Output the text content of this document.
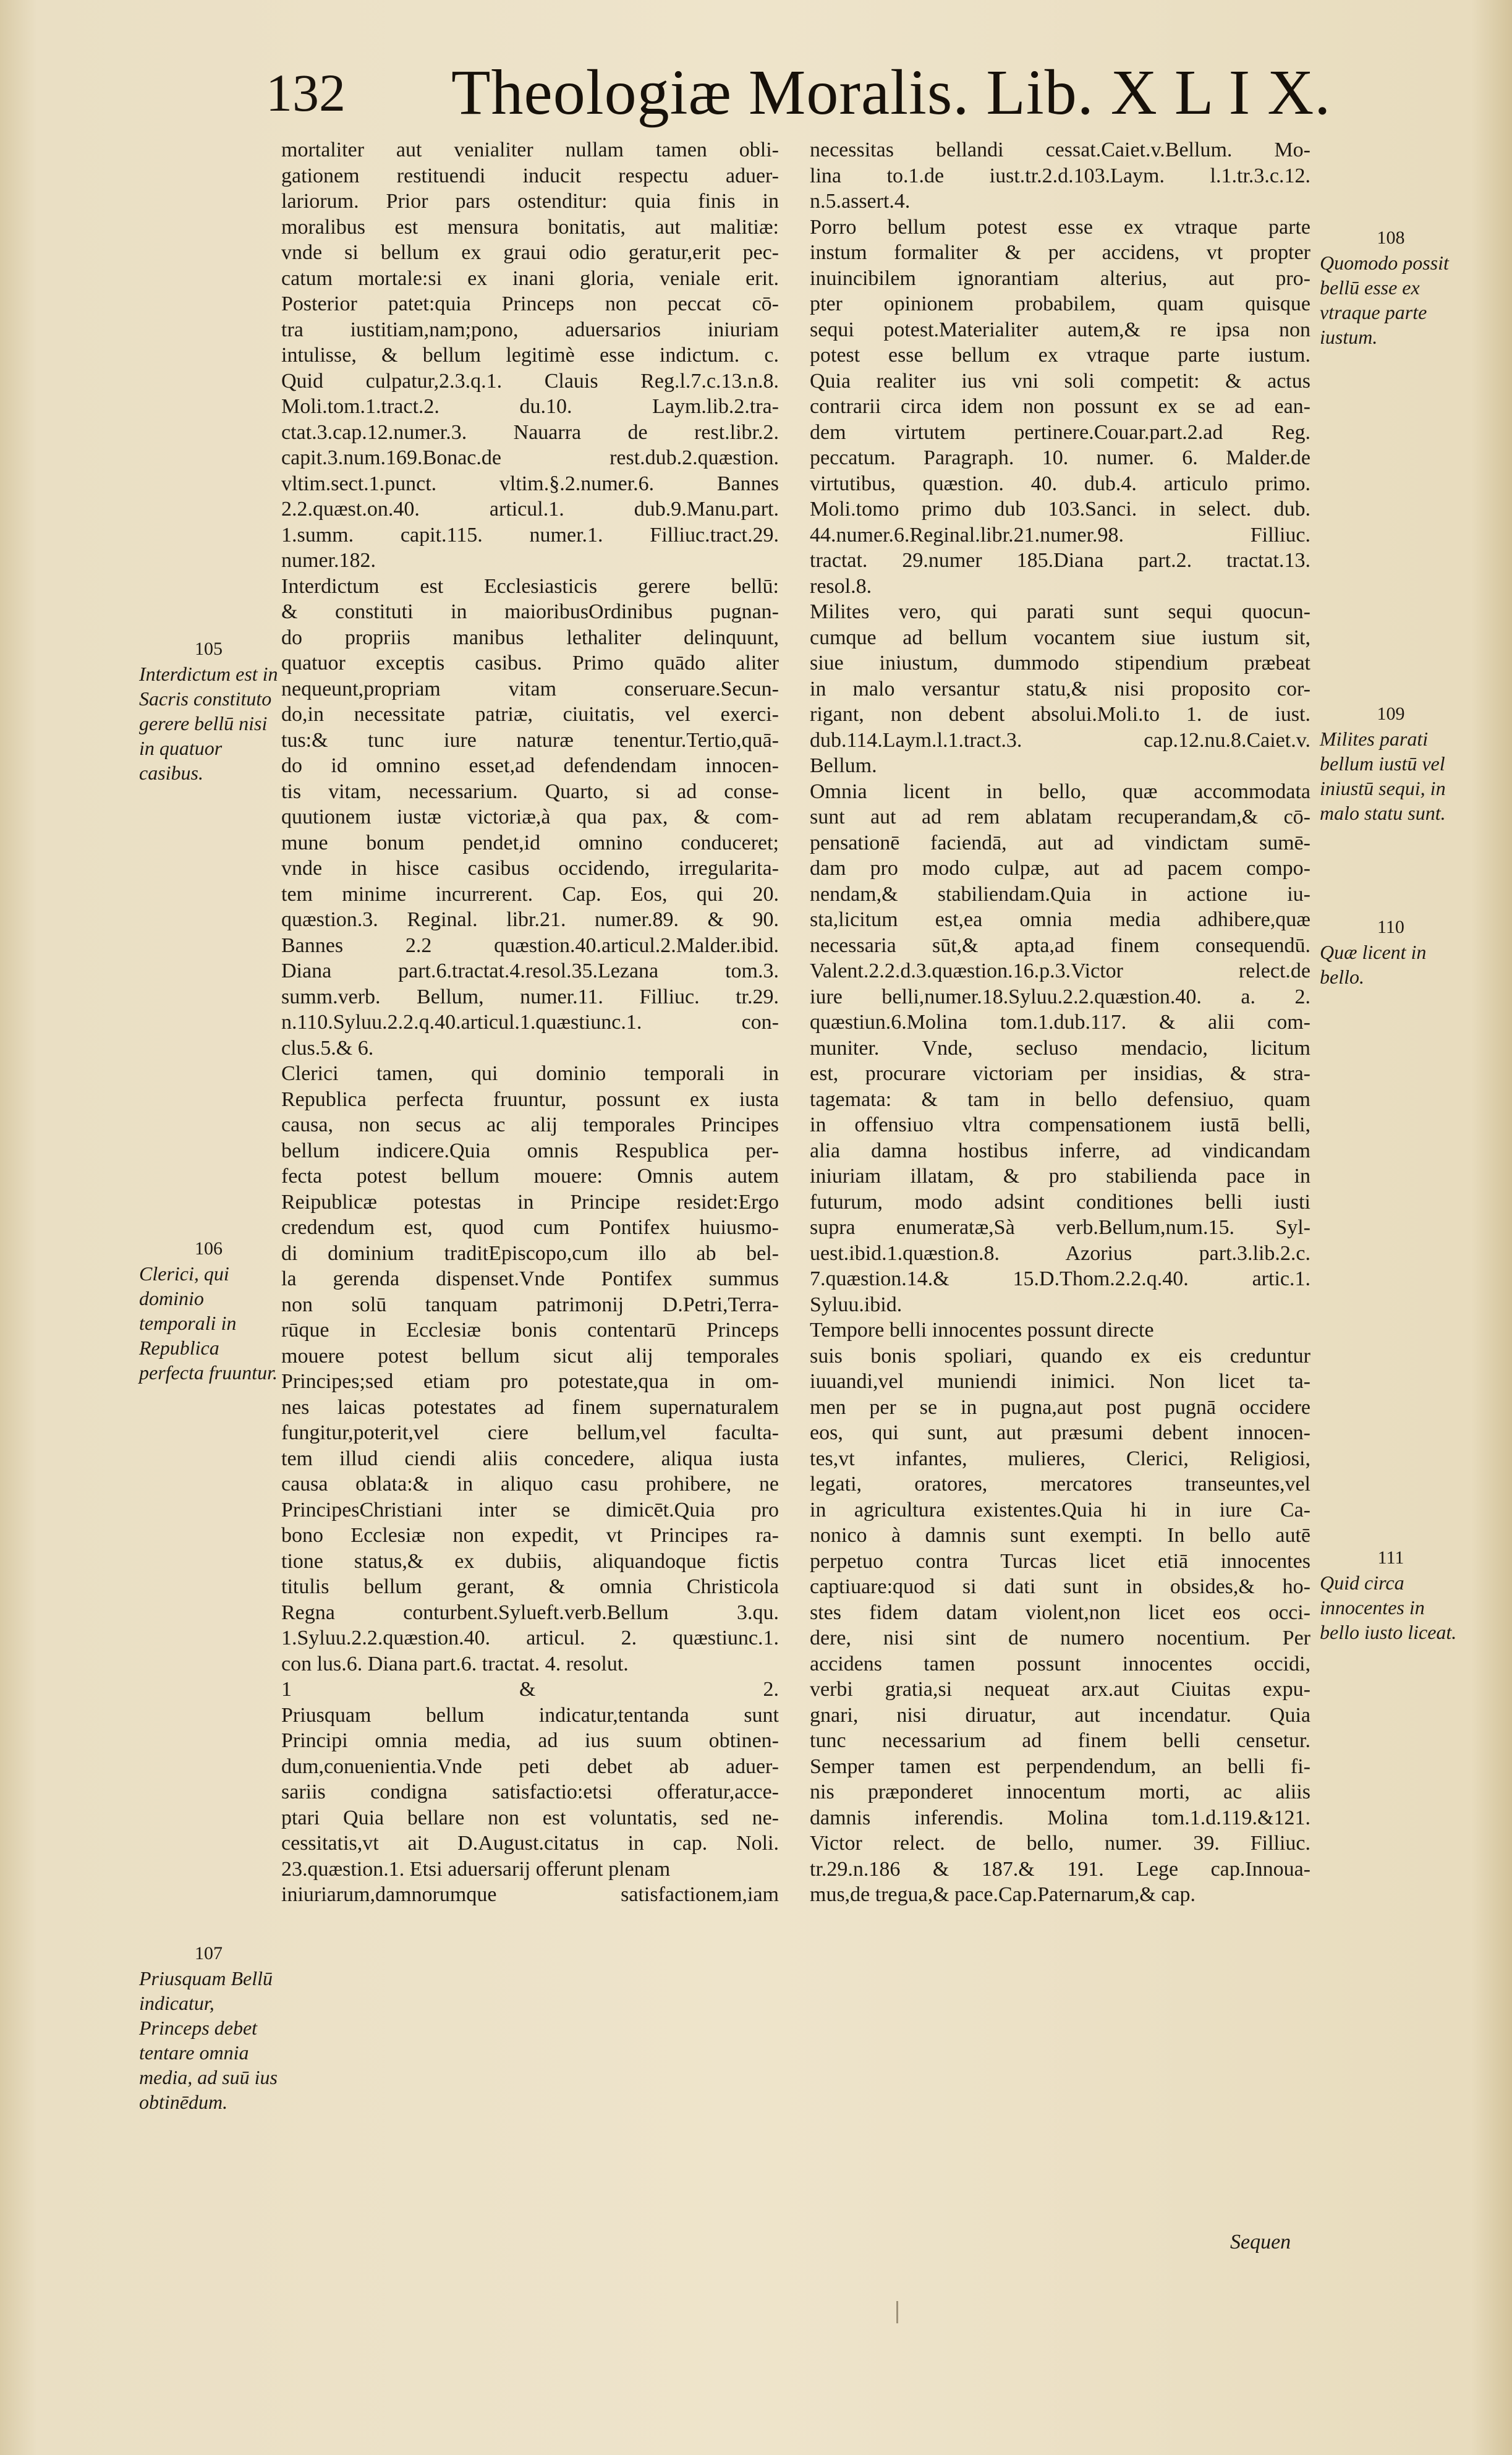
132 Theologiæ Moralis. Lib. X L I X.
mortaliter aut venialiter nullam tamen obli-
gationem restituendi inducit respectu aduer-
lariorum. Prior pars ostenditur: quia finis in
moralibus est mensura bonitatis, aut malitiæ:
vnde si bellum ex graui odio geratur,erit pec-
catum mortale:si ex inani gloria, veniale erit.
Posterior patet:quia Princeps non peccat cō-
tra iustitiam,nam;pono, aduersarios iniuriam
intulisse, & bellum legitimè esse indictum. c.
Quid culpatur,2.3.q.1. Clauis Reg.l.7.c.13.n.8.
Moli.tom.1.tract.2. du.10. Laym.lib.2.tra-
ctat.3.cap.12.numer.3. Nauarra de rest.libr.2.
capit.3.num.169.Bonac.de rest.dub.2.quæstion.
vltim.sect.1.punct. vltim.§.2.numer.6. Bannes
2.2.quæst.on.40. articul.1. dub.9.Manu.part.
1.summ. capit.115. numer.1. Filliuc.tract.29.
numer.182.
Interdictum est Ecclesiasticis gerere bellū:
& constituti in maioribusOrdinibus pugnan-
do propriis manibus lethaliter delinquunt,
quatuor exceptis casibus. Primo quādo aliter
nequeunt,propriam vitam conseruare.Secun-
do,in necessitate patriæ, ciuitatis, vel exerci-
tus:& tunc iure naturæ tenentur.Tertio,quā-
do id omnino esset,ad defendendam innocen-
tis vitam, necessarium. Quarto, si ad conse-
quutionem iustæ victoriæ,à qua pax, & com-
mune bonum pendet,id omnino conduceret;
vnde in hisce casibus occidendo, irregularita-
tem minime incurrerent. Cap. Eos, qui 20.
quæstion.3. Reginal. libr.21. numer.89. & 90.
Bannes 2.2 quæstion.40.articul.2.Malder.ibid.
Diana part.6.tractat.4.resol.35.Lezana tom.3.
summ.verb. Bellum, numer.11. Filliuc. tr.29.
n.110.Syluu.2.2.q.40.articul.1.quæstiunc.1. con-
clus.5.& 6.
Clerici tamen, qui dominio temporali in
Republica perfecta fruuntur, possunt ex iusta
causa, non secus ac alij temporales Principes
bellum indicere.Quia omnis Respublica per-
fecta potest bellum mouere: Omnis autem
Reipublicæ potestas in Principe residet:Ergo
credendum est, quod cum Pontifex huiusmo-
di dominium traditEpiscopo,cum illo ab bel-
la gerenda dispenset.Vnde Pontifex summus
non solū tanquam patrimonij D.Petri,Terra-
rūque in Ecclesiæ bonis contentarū Princeps
mouere potest bellum sicut alij temporales
Principes;sed etiam pro potestate,qua in om-
nes laicas potestates ad finem supernaturalem
fungitur,poterit,vel ciere bellum,vel faculta-
tem illud ciendi aliis concedere, aliqua iusta
causa oblata:& in aliquo casu prohibere, ne
PrincipesChristiani inter se dimicēt.Quia pro
bono Ecclesiæ non expedit, vt Principes ra-
tione status,& ex dubiis, aliquandoque fictis
titulis bellum gerant, & omnia Christicola
Regna conturbent.Sylueft.verb.Bellum 3.qu.
1.Syluu.2.2.quæstion.40. articul. 2. quæstiunc.1.
con lus.6. Diana part.6. tractat. 4. resolut.
1 & 2.
Priusquam bellum indicatur,tentanda sunt
Principi omnia media, ad ius suum obtinen-
dum,conuenientia.Vnde peti debet ab aduer-
sariis condigna satisfactio:etsi offeratur,acce-
ptari Quia bellare non est voluntatis, sed ne-
cessitatis,vt ait D.August.citatus in cap. Noli.
23.quæstion.1. Etsi aduersarij offerunt plenam
iniuriarum,damnorumque satisfactionem,iam
necessitas bellandi cessat.Caiet.v.Bellum. Mo-
lina to.1.de iust.tr.2.d.103.Laym. l.1.tr.3.c.12.
n.5.assert.4.
Porro bellum potest esse ex vtraque parte
instum formaliter & per accidens, vt propter
inuincibilem ignorantiam alterius, aut pro-
pter opinionem probabilem, quam quisque
sequi potest.Materialiter autem,& re ipsa non
potest esse bellum ex vtraque parte iustum.
Quia realiter ius vni soli competit: & actus
contrarii circa idem non possunt ex se ad ean-
dem virtutem pertinere.Couar.part.2.ad Reg.
peccatum. Paragraph. 10. numer. 6. Malder.de
virtutibus, quæstion. 40. dub.4. articulo primo.
Moli.tomo primo dub 103.Sanci. in select. dub.
44.numer.6.Reginal.libr.21.numer.98. Filliuc.
tractat. 29.numer 185.Diana part.2. tractat.13.
resol.8.
Milites vero, qui parati sunt sequi quocun-
cumque ad bellum vocantem siue iustum sit,
siue iniustum, dummodo stipendium præbeat
in malo versantur statu,& nisi proposito cor-
rigant, non debent absolui.Moli.to 1. de iust.
dub.114.Laym.l.1.tract.3. cap.12.nu.8.Caiet.v.
Bellum.
Omnia licent in bello, quæ accommodata
sunt aut ad rem ablatam recuperandam,& cō-
pensationē faciendā, aut ad vindictam sumē-
dam pro modo culpæ, aut ad pacem compo-
nendam,& stabiliendam.Quia in actione iu-
sta,licitum est,ea omnia media adhibere,quæ
necessaria sūt,& apta,ad finem consequendū.
Valent.2.2.d.3.quæstion.16.p.3.Victor relect.de
iure belli,numer.18.Syluu.2.2.quæstion.40. a. 2.
quæstiun.6.Molina tom.1.dub.117. & alii com-
muniter. Vnde, secluso mendacio, licitum
est, procurare victoriam per insidias, & stra-
tagemata: & tam in bello defensiuo, quam
in offensiuo vltra compensationem iustā belli,
alia damna hostibus inferre, ad vindicandam
iniuriam illatam, & pro stabilienda pace in
futurum, modo adsint conditiones belli iusti
supra enumeratæ,Sà verb.Bellum,num.15. Syl-
uest.ibid.1.quæstion.8. Azorius part.3.lib.2.c.
7.quæstion.14.& 15.D.Thom.2.2.q.40. artic.1.
Syluu.ibid.
Tempore belli innocentes possunt directe
suis bonis spoliari, quando ex eis creduntur
iuuandi,vel muniendi inimici. Non licet ta-
men per se in pugna,aut post pugnā occidere
eos, qui sunt, aut præsumi debent innocen-
tes,vt infantes, mulieres, Clerici, Religiosi,
legati, oratores, mercatores transeuntes,vel
in agricultura existentes.Quia hi in iure Ca-
nonico à damnis sunt exempti. In bello autē
perpetuo contra Turcas licet etiā innocentes
captiuare:quod si dati sunt in obsides,& ho-
stes fidem datam violent,non licet eos occi-
dere, nisi sint de numero nocentium. Per
accidens tamen possunt innocentes occidi,
verbi gratia,si nequeat arx.aut Ciuitas expu-
gnari, nisi diruatur, aut incendatur. Quia
tunc necessarium ad finem belli censetur.
Semper tamen est perpendendum, an belli fi-
nis præponderet innocentum morti, ac aliis
damnis inferendis. Molina tom.1.d.119.&121.
Victor relect. de bello, numer. 39. Filliuc.
tr.29.n.186 & 187.& 191. Lege cap.Innoua-
mus,de tregua,& pace.Cap.Paternarum,& cap.
105
Interdictum est in Sacris constituto gerere bellū nisi in quatuor casibus.
106
Clerici, qui dominio temporali in Republica perfecta fruuntur.
107
Priusquam Bellū indicatur, Princeps debet tentare omnia media, ad suū ius obtinēdum.
108
Quomodo possit bellū esse ex vtraque parte iustum.
109
Milites parati bellum iustū vel iniustū sequi, in malo statu sunt.
110
Quæ licent in bello.
111
Quid circa innocentes in bello iusto liceat.
Sequen
